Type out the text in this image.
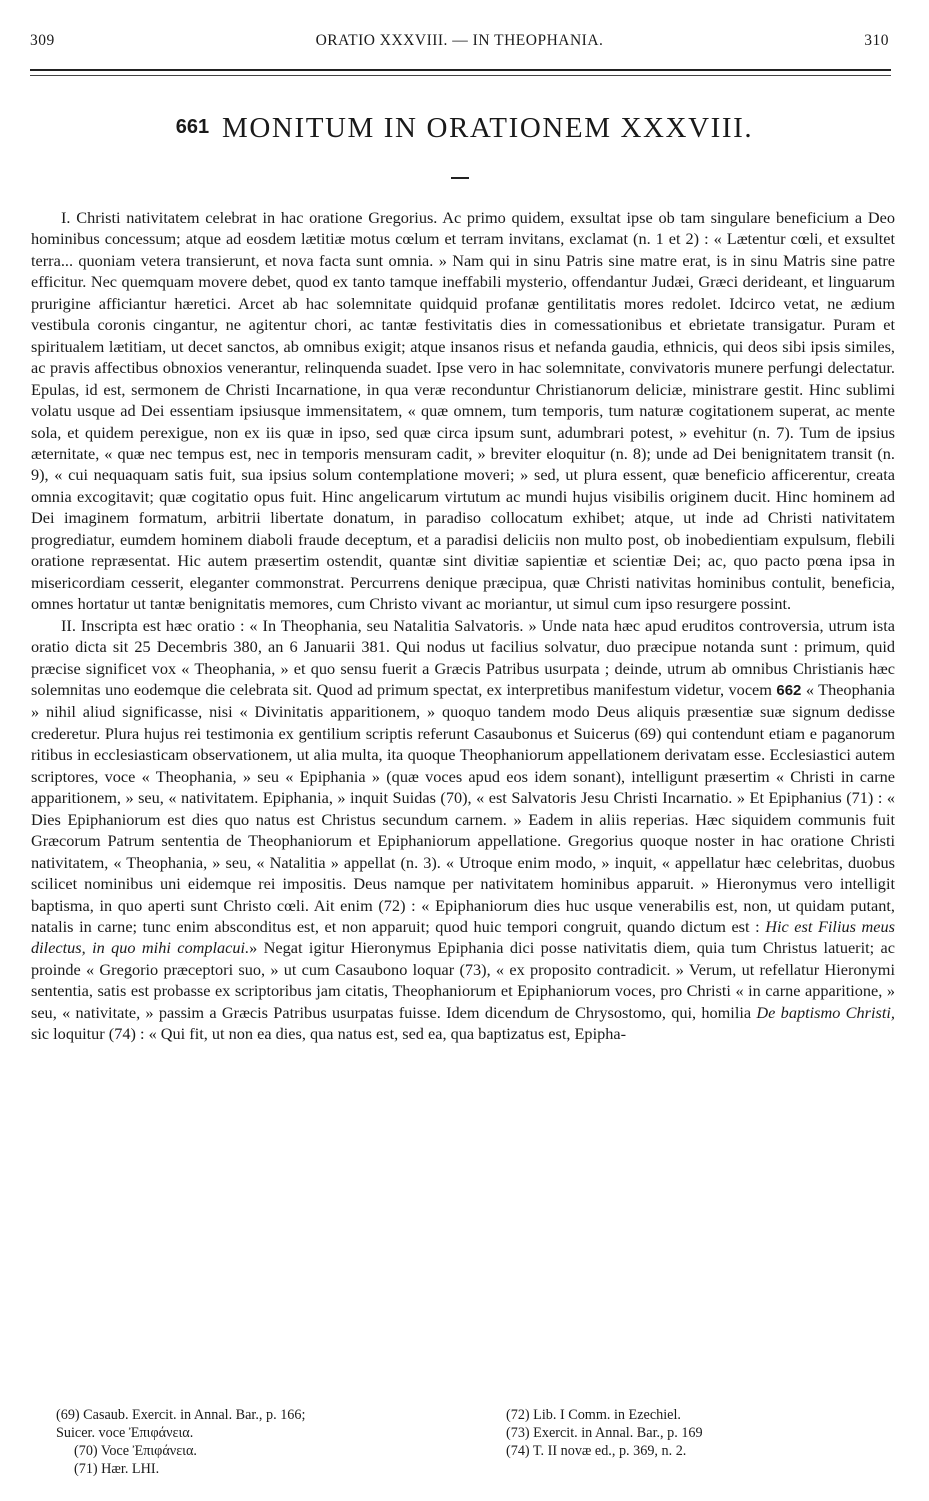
309	ORATIO XXXVIII. — IN THEOPHANIA.	310
661 MONITUM IN ORATIONEM XXXVIII.

I. Christi nativitatem celebrat in hac oratione Gregorius. Ac primo quidem, exsultat ipse ob tam singulare beneficium a Deo hominibus concessum; atque ad eosdem lætitiæ motus cœlum et terram invitans, exclamat (n. 1 et 2) : « Lætentur cœli, et exsultet terra... quoniam vetera transierunt, et nova facta sunt omnia. » Nam qui in sinu Patris sine matre erat, is in sinu Matris sine patre efficitur. Nec quemquam movere debet, quod ex tanto tamque ineffabili mysterio, offendantur Judæi, Græci derideant, et linguarum prurigine afficiantur hæretici. Arcet ab hac solemnitate quidquid profanæ gentilitatis mores redolet. Idcirco vetat, ne ædium vestibula coronis cingantur, ne agitentur chori, ac tantæ festivitatis dies in comessationibus et ebrietate transigatur. Puram et spiritualem lætitiam, ut decet sanctos, ab omnibus exigit; atque insanos risus et nefanda gaudia, ethnicis, qui deos sibi ipsis similes, ac pravis affectibus obnoxios venerantur, relinquenda suadet. Ipse vero in hac solemnitate, convivatoris munere perfungi delectatur. Epulas, id est, sermonem de Christi Incarnatione, in qua veræ reconduntur Christianorum deliciæ, ministrare gestit. Hinc sublimi volatu usque ad Dei essentiam ipsiusque immensitatem, « quæ omnem, tum temporis, tum naturæ cogitationem superat, ac mente sola, et quidem perexigue, non ex iis quæ in ipso, sed quæ circa ipsum sunt, adumbrari potest, » evehitur (n. 7). Tum de ipsius æternitate, « quæ nec tempus est, nec in temporis mensuram cadit, » breviter eloquitur (n. 8); unde ad Dei benignitatem transit (n. 9), « cui nequaquam satis fuit, sua ipsius solum contemplatione moveri; » sed, ut plura essent, quæ beneficio afficerentur, creata omnia excogitavit; quæ cogitatio opus fuit. Hinc angelicarum virtutum ac mundi hujus visibilis originem ducit. Hinc hominem ad Dei imaginem formatum, arbitrii libertate donatum, in paradiso collocatum exhibet; atque, ut inde ad Christi nativitatem progrediatur, eumdem hominem diaboli fraude deceptum, et a paradisi deliciis non multo post, ob inobedientiam expulsum, flebili oratione repræsentat. Hic autem præsertim ostendit, quantæ sint divitiæ sapientiæ et scientiæ Dei; ac, quo pacto pœna ipsa in misericordiam cesserit, eleganter commonstrat. Percurrens denique præcipua, quæ Christi nativitas hominibus contulit, beneficia, omnes hortatur ut tantæ benignitatis memores, cum Christo vivant ac moriantur, ut simul cum ipso resurgere possint.

II. Inscripta est hæc oratio : « In Theophania, seu Natalitia Salvatoris. » Unde nata hæc apud eruditos controversia, utrum ista oratio dicta sit 25 Decembris 380, an 6 Januarii 381. Qui nodus ut facilius solvatur, duo præcipue notanda sunt : primum, quid præcise significet vox « Theophania, » et quo sensu fuerit a Græcis Patribus usurpata ; deinde, utrum ab omnibus Christianis hæc solemnitas uno eodemque die celebrata sit. Quod ad primum spectat, ex interpretibus manifestum videtur, vocem 662 « Theophania » nihil aliud significasse, nisi « Divinitatis apparitionem, » quoquo tandem modo Deus aliquis præsentiæ suæ signum dedisse crederetur. Plura hujus rei testimonia ex gentilium scriptis referunt Casaubonus et Suicerus (69) qui contendunt etiam e paganorum ritibus in ecclesiasticam observationem, ut alia multa, ita quoque Theophaniorum appellationem derivatam esse. Ecclesiastici autem scriptores, voce « Theophania, » seu « Epiphania » (quæ voces apud eos idem sonant), intelligunt præsertim « Christi in carne apparitionem, » seu, « nativitatem. Epiphania, » inquit Suidas (70), « est Salvatoris Jesu Christi Incarnatio. » Et Epiphanius (71) : « Dies Epiphaniorum est dies quo natus est Christus secundum carnem. » Eadem in aliis reperias. Hæc siquidem communis fuit Græcorum Patrum sententia de Theophaniorum et Epiphaniorum appellatione. Gregorius quoque noster in hac oratione Christi nativitatem, « Theophania, » seu, « Natalitia » appellat (n. 3). « Utroque enim modo, » inquit, « appellatur hæc celebritas, duobus scilicet nominibus uni eidemque rei impositis. Deus namque per nativitatem hominibus apparuit. » Hieronymus vero intelligit baptisma, in quo aperti sunt Christo cœli. Ait enim (72) : « Epiphaniorum dies huc usque venerabilis est, non, ut quidam putant, natalis in carne; tunc enim absconditus est, et non apparuit; quod huic tempori congruit, quando dictum est : Hic est Filius meus dilectus, in quo mihi complacui.» Negat igitur Hieronymus Epiphania dici posse nativitatis diem, quia tum Christus latuerit; ac proinde « Gregorio præceptori suo, » ut cum Casaubono loquar (73), « ex proposito contradicit. » Verum, ut refellatur Hieronymi sententia, satis est probasse ex scriptoribus jam citatis, Theophaniorum et Epiphaniorum voces, pro Christi « in carne apparitione, » seu, « nativitate, » passim a Græcis Patribus usurpatas fuisse. Idem dicendum de Chrysostomo, qui, homilia De baptismo Christi, sic loquitur (74) : « Qui fit, ut non ea dies, qua natus est, sed ea, qua baptizatus est, Epipha-

(69) Casaub. Exercit. in Annal. Bar., p. 166;
Suicer. voce Ἐπιφάνεια.
(70) Voce Ἐπιφάνεια.
(71) Hær. LHI.
(72) Lib. I Comm. in Ezechiel.
(73) Exercit. in Annal. Bar., p. 169
(74) T. II novæ ed., p. 369, n. 2.
